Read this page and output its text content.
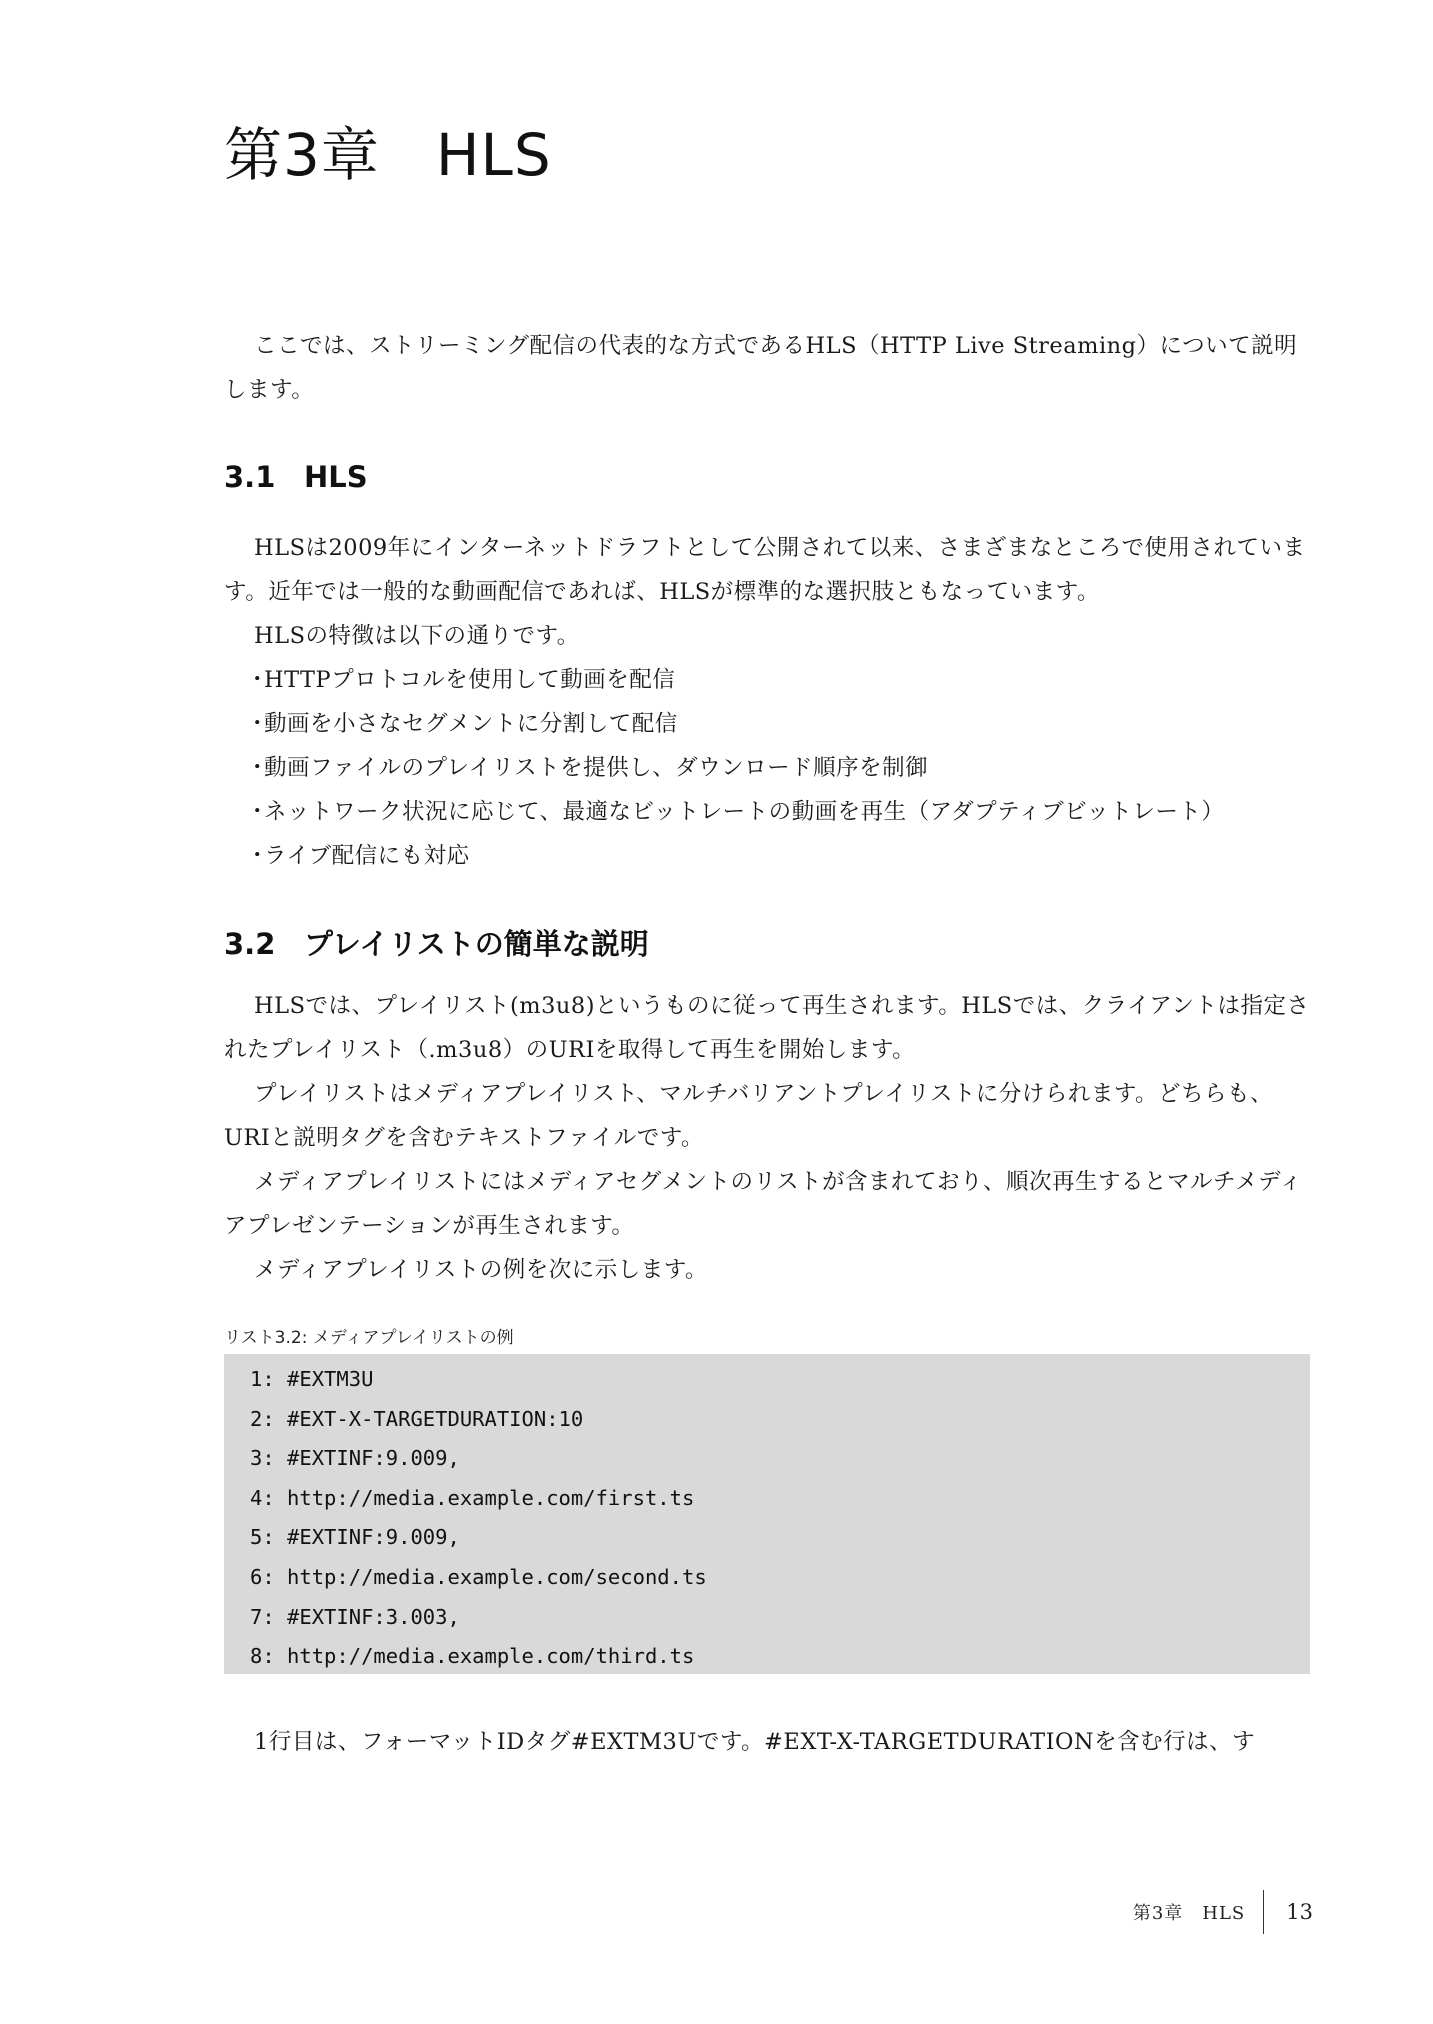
第3章 HLS

ここでは、ストリーミング配信の代表的な方式であるHLS（HTTP Live Streaming）について説明します。

3.1 HLS

HLSは2009年にインターネットドラフトとして公開されて以来、さまざまなところで使用されています。近年では一般的な動画配信であれば、HLSが標準的な選択肢ともなっています。

HLSの特徴は以下の通りです。

・HTTPプロトコルを使用して動画を配信
・動画を小さなセグメントに分割して配信
・動画ファイルのプレイリストを提供し、ダウンロード順序を制御
・ネットワーク状況に応じて、最適なビットレートの動画を再生（アダプティブビットレート）
・ライブ配信にも対応
3.2 プレイリストの簡単な説明

HLSでは、プレイリスト(m3u8)というものに従って再生されます。HLSでは、クライアントは指定されたプレイリスト（.m3u8）のURIを取得して再生を開始します。

プレイリストはメディアプレイリスト、マルチバリアントプレイリストに分けられます。どちらも、URIと説明タグを含むテキストファイルです。

メディアプレイリストにはメディアセグメントのリストが含まれており、順次再生するとマルチメディアプレゼンテーションが再生されます。

メディアプレイリストの例を次に示します。

リスト3.2: メディアプレイリストの例

1: #EXTM3U
2: #EXT-X-TARGETDURATION:10
3: #EXTINF:9.009,
4: http://media.example.com/first.ts
5: #EXTINF:9.009,
6: http://media.example.com/second.ts
7: #EXTINF:3.003,
8: http://media.example.com/third.ts

1行目は、フォーマットIDタグ#EXTM3Uです。#EXT-X-TARGETDURATIONを含む行は、す

第3章　HLS 13
